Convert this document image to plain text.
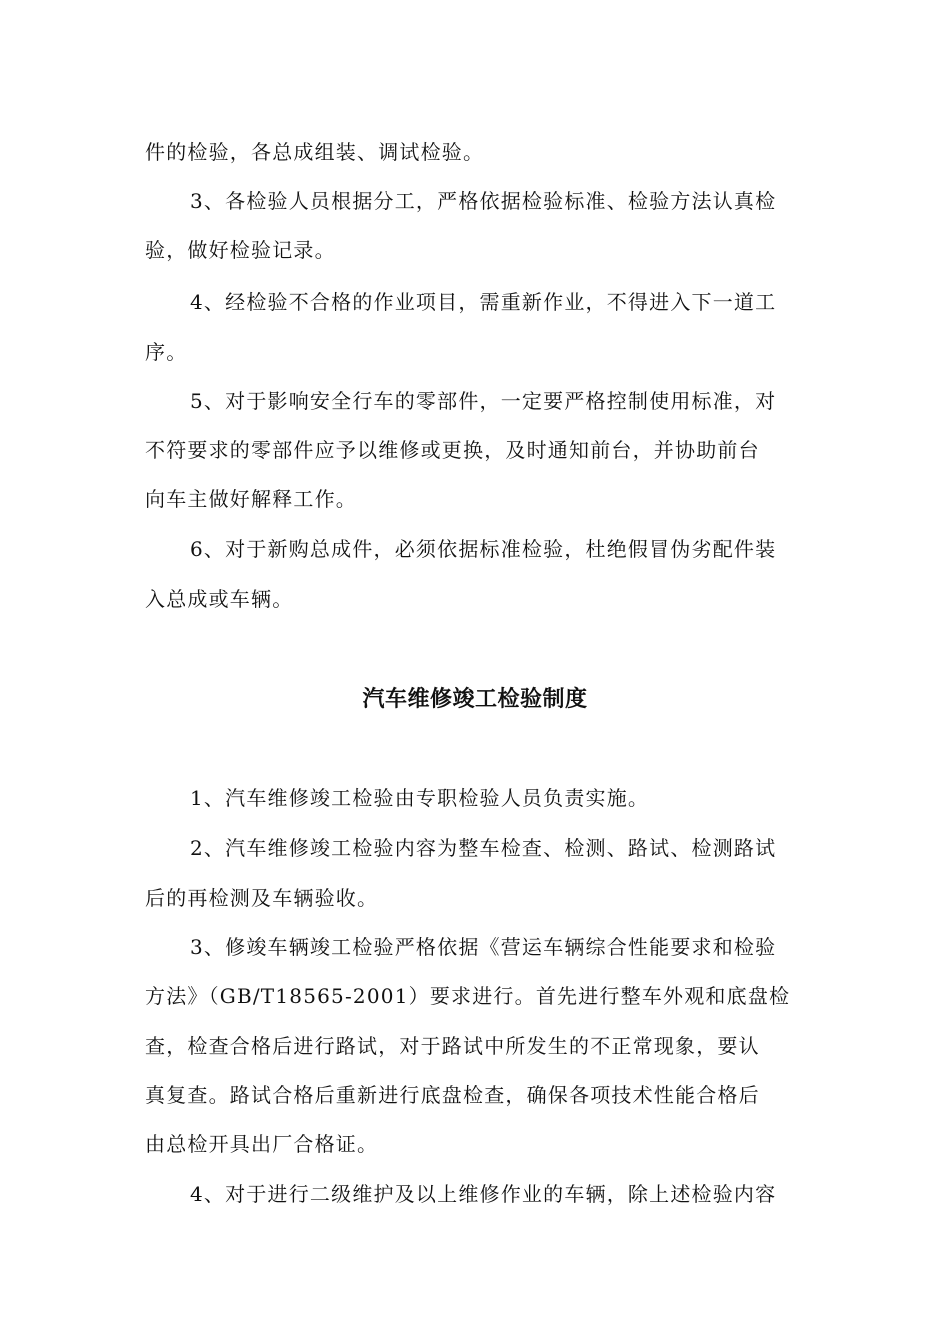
件的检验，各总成组装、调试检验。
3、各检验人员根据分工，严格依据检验标准、检验方法认真检
验，做好检验记录。
4、经检验不合格的作业项目，需重新作业，不得进入下一道工
序。
5、对于影响安全行车的零部件，一定要严格控制使用标准，对
不符要求的零部件应予以维修或更换，及时通知前台，并协助前台
向车主做好解释工作。
6、对于新购总成件，必须依据标准检验，杜绝假冒伪劣配件装
入总成或车辆。
汽车维修竣工检验制度
1、汽车维修竣工检验由专职检验人员负责实施。
2、汽车维修竣工检验内容为整车检查、检测、路试、检测路试
后的再检测及车辆验收。
3、修竣车辆竣工检验严格依据《营运车辆综合性能要求和检验
方法》（GB/T18565-2001）要求进行。首先进行整车外观和底盘检
查，检查合格后进行路试，对于路试中所发生的不正常现象，要认
真复查。路试合格后重新进行底盘检查，确保各项技术性能合格后
由总检开具出厂合格证。
4、对于进行二级维护及以上维修作业的车辆，除上述检验内容
